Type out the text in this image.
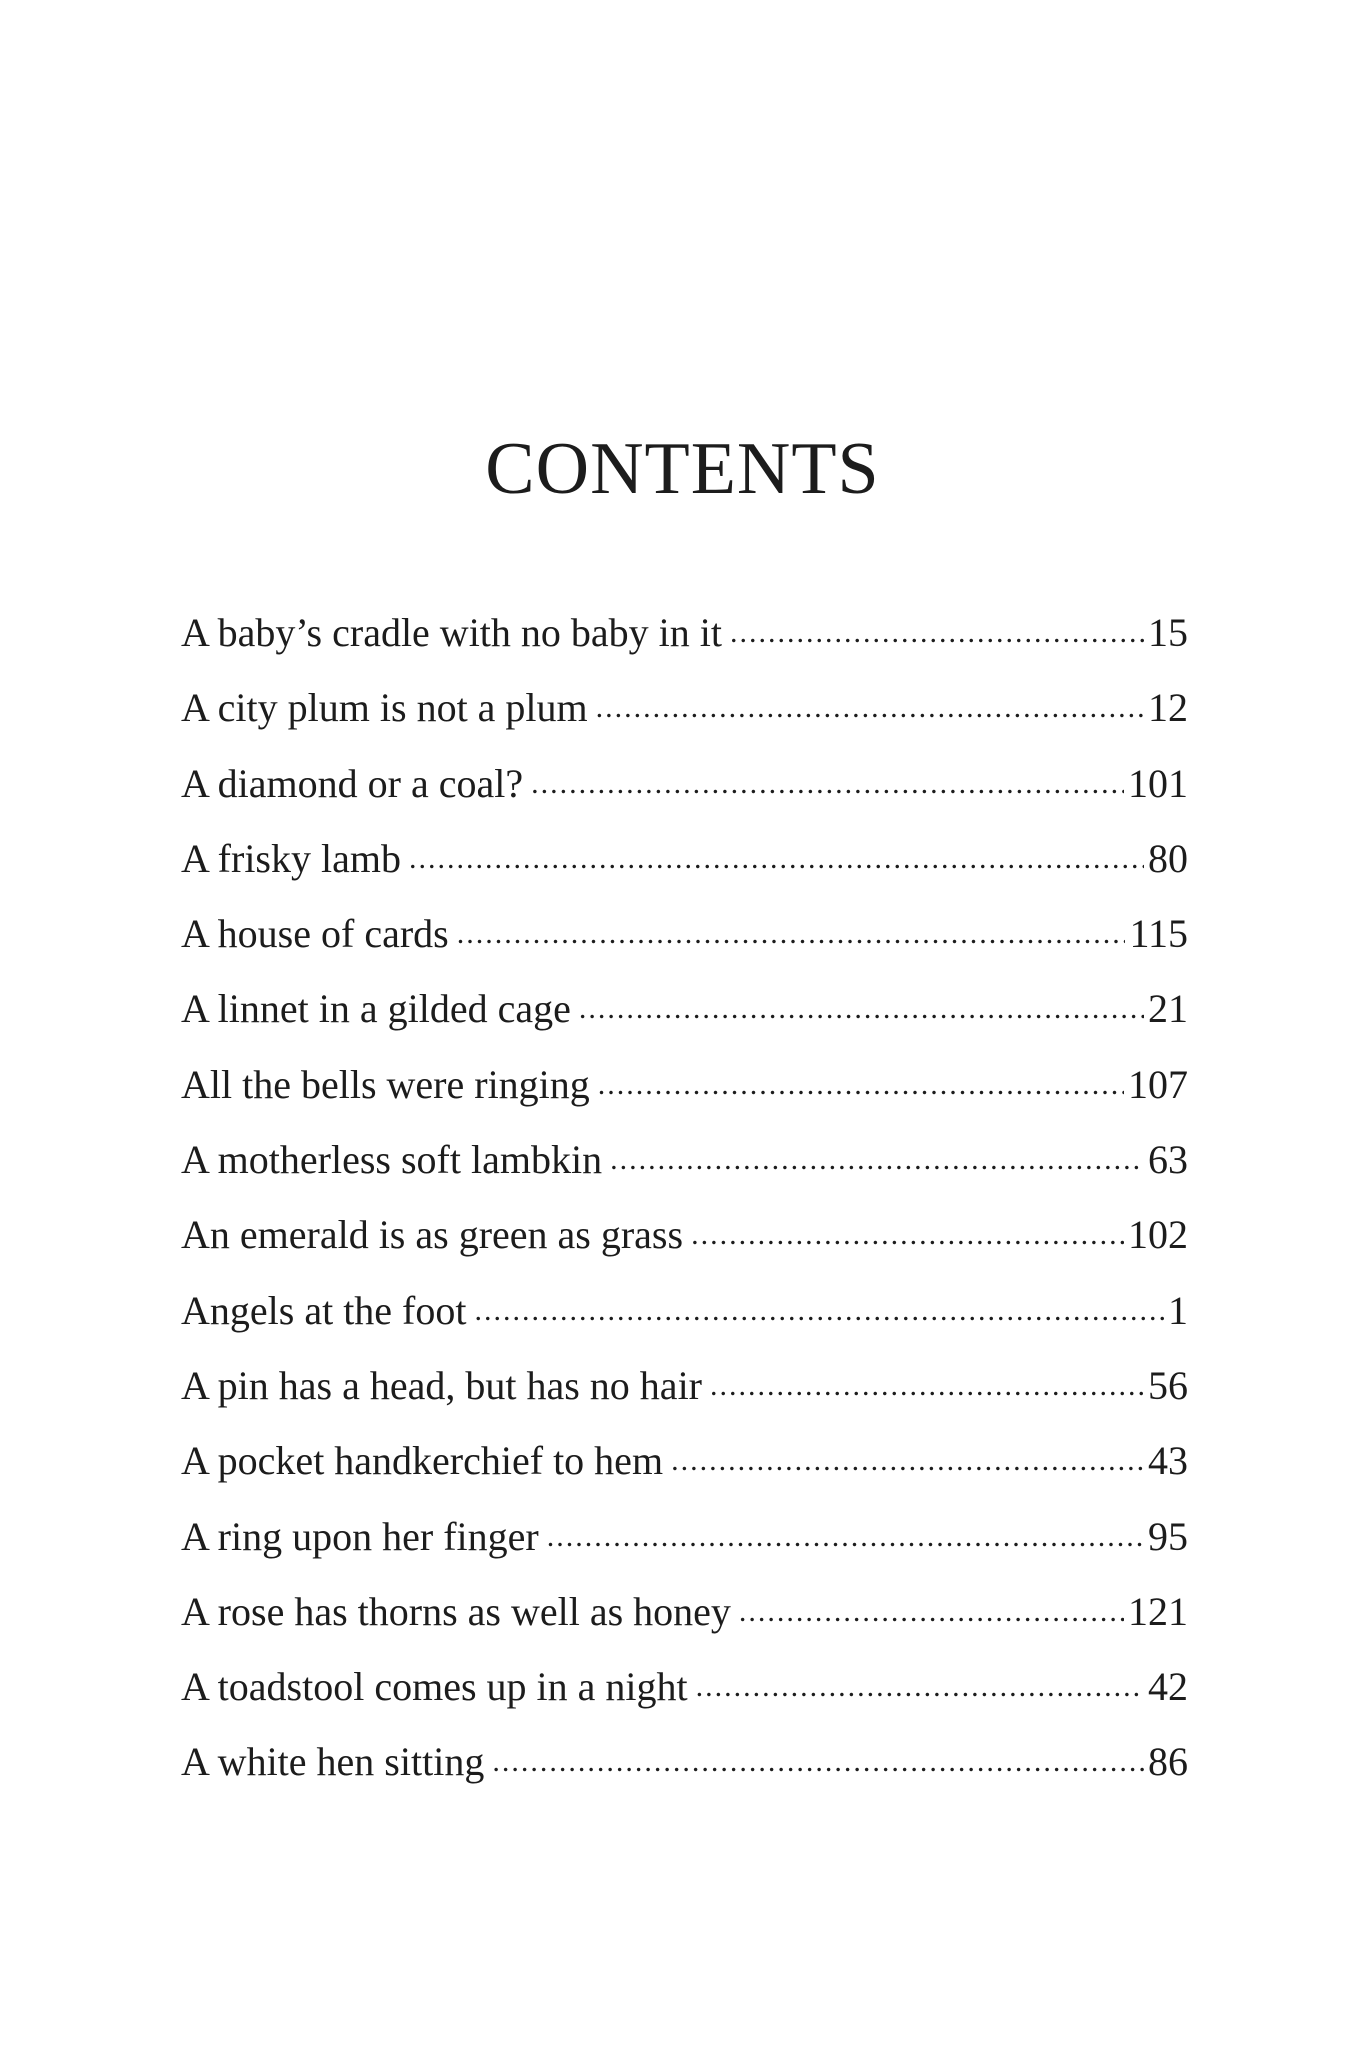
CONTENTS
A baby’s cradle with no baby in it .....	15
A city plum is not a plum .....	12
A diamond or a coal? .....	101
A frisky lamb .....	80
A house of cards .....	115
A linnet in a gilded cage .....	21
All the bells were ringing .....	107
A motherless soft lambkin .....	63
An emerald is as green as grass .....	102
Angels at the foot .....	1
A pin has a head, but has no hair .....	56
A pocket handkerchief to hem .....	43
A ring upon her finger .....	95
A rose has thorns as well as honey .....	121
A toadstool comes up in a night .....	42
A white hen sitting .....	86
